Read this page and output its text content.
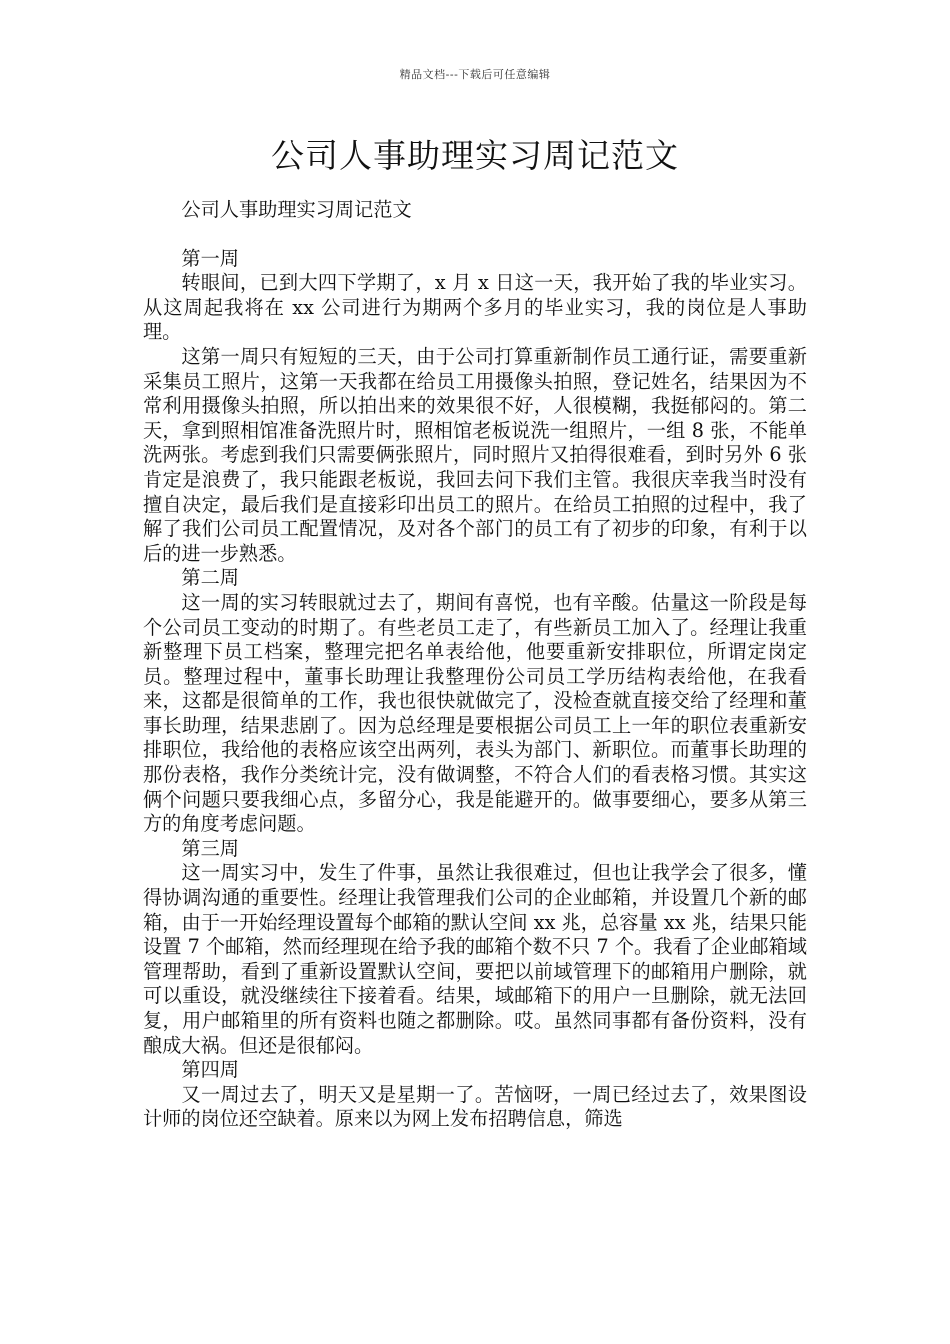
精品文档---下载后可任意编辑
公司人事助理实习周记范文

公司人事助理实习周记范文

第一周

转眼间，已到大四下学期了，x 月 x 日这一天，我开始了我的毕业实习。从这周起我将在 xx 公司进行为期两个多月的毕业实习，我的岗位是人事助理。

这第一周只有短短的三天，由于公司打算重新制作员工通行证，需要重新采集员工照片，这第一天我都在给员工用摄像头拍照，登记姓名，结果因为不常利用摄像头拍照，所以拍出来的效果很不好，人很模糊，我挺郁闷的。第二天，拿到照相馆准备洗照片时，照相馆老板说洗一组照片，一组 8 张，不能单洗两张。考虑到我们只需要俩张照片，同时照片又拍得很难看，到时另外 6 张肯定是浪费了，我只能跟老板说，我回去问下我们主管。我很庆幸我当时没有擅自决定，最后我们是直接彩印出员工的照片。在给员工拍照的过程中，我了解了我们公司员工配置情况，及对各个部门的员工有了初步的印象，有利于以后的进一步熟悉。

第二周

这一周的实习转眼就过去了，期间有喜悦，也有辛酸。估量这一阶段是每个公司员工变动的时期了。有些老员工走了，有些新员工加入了。经理让我重新整理下员工档案，整理完把名单表给他，他要重新安排职位，所谓定岗定员。整理过程中，董事长助理让我整理份公司员工学历结构表给他，在我看来，这都是很简单的工作，我也很快就做完了，没检查就直接交给了经理和董事长助理，结果悲剧了。因为总经理是要根据公司员工上一年的职位表重新安排职位，我给他的表格应该空出两列，表头为部门、新职位。而董事长助理的那份表格，我作分类统计完，没有做调整，不符合人们的看表格习惯。其实这俩个问题只要我细心点，多留分心，我是能避开的。做事要细心，要多从第三方的角度考虑问题。

第三周

这一周实习中，发生了件事，虽然让我很难过，但也让我学会了很多，懂得协调沟通的重要性。经理让我管理我们公司的企业邮箱，并设置几个新的邮箱，由于一开始经理设置每个邮箱的默认空间 xx 兆，总容量 xx 兆，结果只能设置 7 个邮箱，然而经理现在给予我的邮箱个数不只 7 个。我看了企业邮箱域管理帮助，看到了重新设置默认空间，要把以前域管理下的邮箱用户删除，就可以重设，就没继续往下接着看。结果，域邮箱下的用户一旦删除，就无法回复，用户邮箱里的所有资料也随之都删除。哎。虽然同事都有备份资料，没有酿成大祸。但还是很郁闷。

第四周

又一周过去了，明天又是星期一了。苦恼呀，一周已经过去了，效果图设计师的岗位还空缺着。原来以为网上发布招聘信息，筛选
